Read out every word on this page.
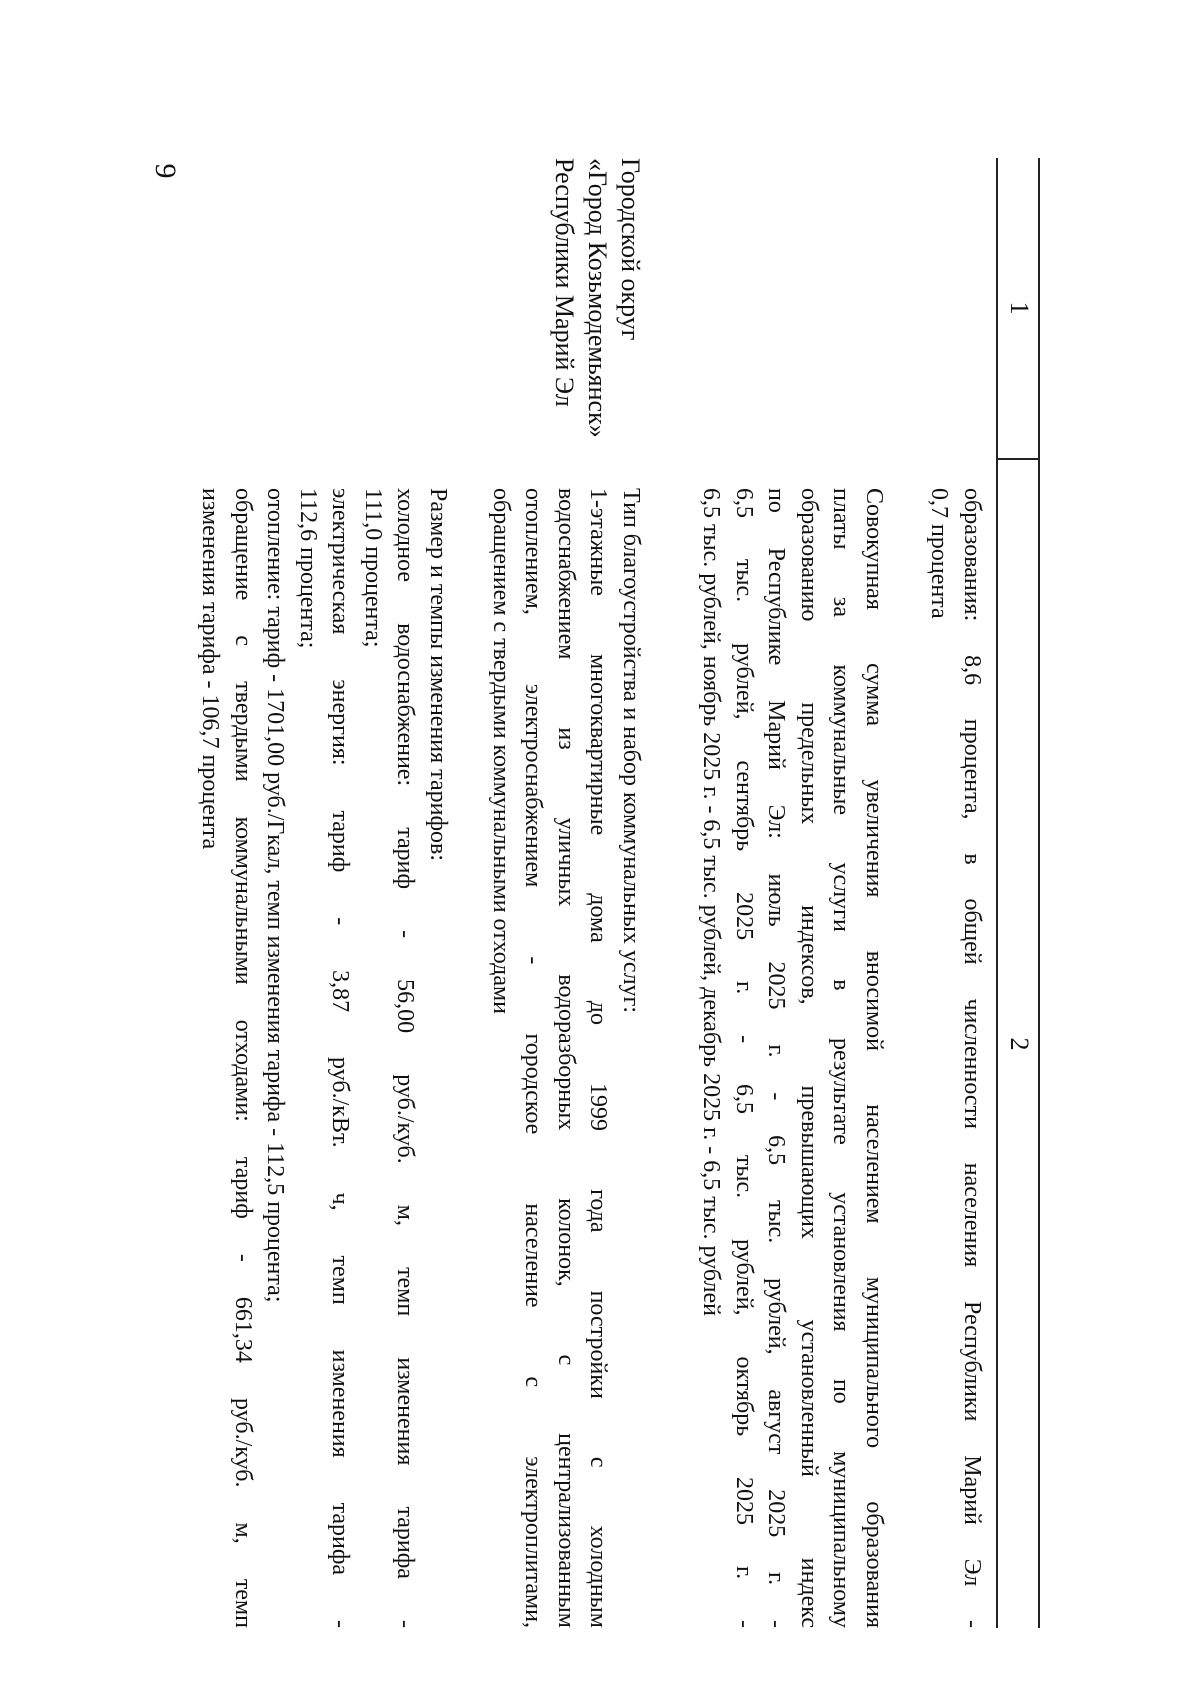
9
1
2
образования: 8,6 процента, в общей численности населения Республики Марий Эл -
0,7 процента
Совокупная сумма увеличения вносимой населением муниципального образования
платы за коммунальные услуги в результате установления по муниципальному
образованию предельных индексов, превышающих установленный индекс
по Республике Марий Эл: июль 2025 г. - 6,5 тыс. рублей, август 2025 г. -
6,5 тыс. рублей, сентябрь 2025 г. - 6,5 тыс. рублей, октябрь 2025 г. -
6,5 тыс. рублей, ноябрь 2025 г. - 6,5 тыс. рублей, декабрь 2025 г. - 6,5 тыс. рублей
Городской округ
«Город Козьмодемьянск»
Республики Марий Эл
Тип благоустройства и набор коммунальных услуг:
1-этажные многоквартирные дома до 1999 года постройки с холодным
водоснабжением из уличных водоразборных колонок, с централизованным
отоплением, электроснабжением - городское население с электроплитами,
обращением с твердыми коммунальными отходами
Размер и темпы изменения тарифов:
холодное водоснабжение: тариф - 56,00 руб./куб. м, темп изменения тарифа -
111,0 процента;
электрическая энергия: тариф - 3,87 руб./кВт. ч, темп изменения тарифа -
112,6 процента;
отопление: тариф - 1701,00 руб./Гкал, темп изменения тарифа - 112,5 процента;
обращение с твердыми коммунальными отходами: тариф - 661,34 руб./куб. м, темп
изменения тарифа - 106,7 процента
